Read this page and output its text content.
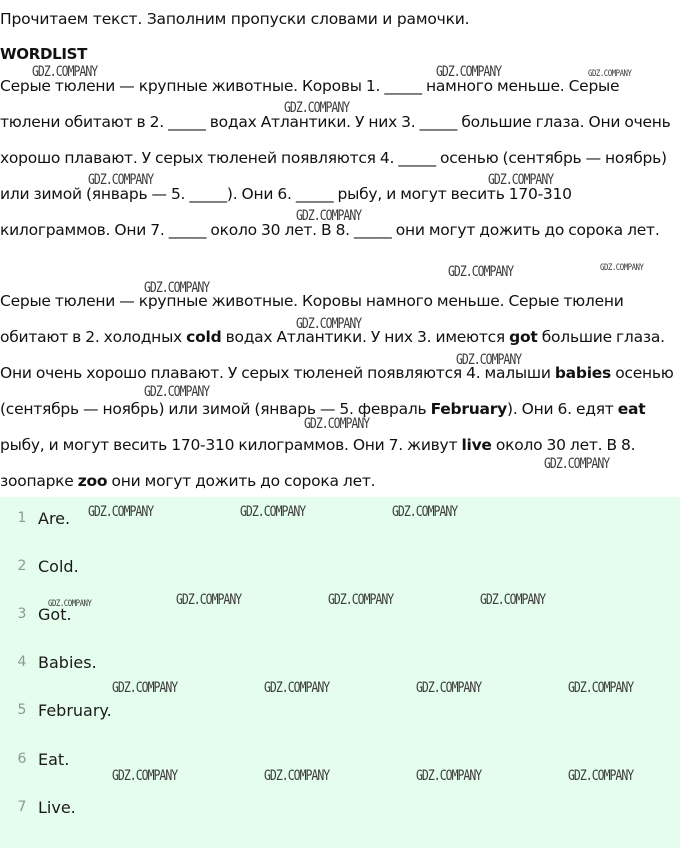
Прочитаем текст. Заполним пропуски словами и рамочки.
WORDLIST

Серые тюлени — крупные животные. Коровы 1. _____ намного меньше. Серые тюлени обитают в 2. _____ водах Атлантики. У них 3. _____ большие глаза. Они очень хорошо плавают. У серых тюленей появляются 4. _____ осенью (сентябрь — ноябрь) или зимой (январь — 5. _____). Они 6. _____ рыбу, и могут весить 170-310 килограммов. Они 7. _____ около 30 лет. В 8. _____ они могут дожить до сорока лет.

Серые тюлени — крупные животные. Коровы намного меньше. Серые тюлени обитают в 2. холодных cold водах Атлантики. У них 3. имеются got большие глаза. Они очень хорошо плавают. У серых тюленей появляются 4. малыши babies осенью (сентябрь — ноябрь) или зимой (январь — 5. февраль February). Они 6. едят eat рыбу, и могут весить 170-310 килограммов. Они 7. живут live около 30 лет. В 8. зоопарке zoo они могут дожить до сорока лет.

1 Are.
2 Cold.
3 Got.
4 Babies.
5 February.
6 Eat.
7 Live.
GDZ.COMPANY	GDZ.COMPANY	GDZ.COMPANY
GDZ.COMPANY
GDZ.COMPANY	GDZ.COMPANY
GDZ.COMPANY
GDZ.COMPANY	GDZ.COMPANY
GDZ.COMPANY
GDZ.COMPANY
GDZ.COMPANY
GDZ.COMPANY
GDZ.COMPANY
GDZ.COMPANY
GDZ.COMPANY	GDZ.COMPANY	GDZ.COMPANY
GDZ.COMPANY	GDZ.COMPANY	GDZ.COMPANY	GDZ.COMPANY
GDZ.COMPANY	GDZ.COMPANY	GDZ.COMPANY	GDZ.COMPANY
GDZ.COMPANY	GDZ.COMPANY	GDZ.COMPANY	GDZ.COMPANY
